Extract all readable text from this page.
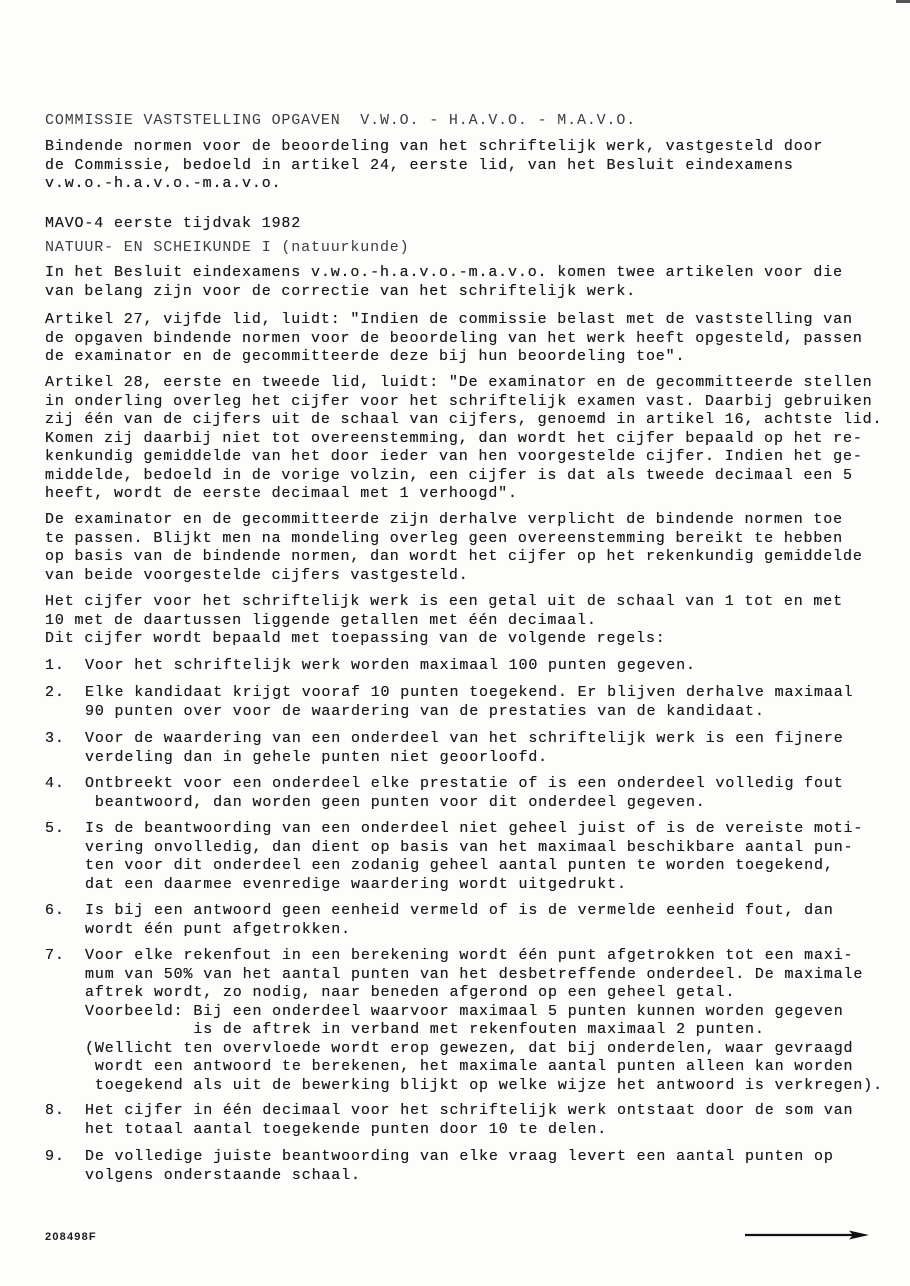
COMMISSIE VASTSTELLING OPGAVEN  V.W.O. - H.A.V.O. - M.A.V.O.
Bindende normen voor de beoordeling van het schriftelijk werk, vastgesteld door
de Commissie, bedoeld in artikel 24, eerste lid, van het Besluit eindexamens
v.w.o.-h.a.v.o.-m.a.v.o.
MAVO-4 eerste tijdvak 1982
NATUUR- EN SCHEIKUNDE I (natuurkunde)
In het Besluit eindexamens v.w.o.-h.a.v.o.-m.a.v.o. komen twee artikelen voor die
van belang zijn voor de correctie van het schriftelijk werk.
Artikel 27, vijfde lid, luidt: "Indien de commissie belast met de vaststelling van
de opgaven bindende normen voor de beoordeling van het werk heeft opgesteld, passen
de examinator en de gecommitteerde deze bij hun beoordeling toe".
Artikel 28, eerste en tweede lid, luidt: "De examinator en de gecommitteerde stellen
in onderling overleg het cijfer voor het schriftelijk examen vast. Daarbij gebruiken
zij één van de cijfers uit de schaal van cijfers, genoemd in artikel 16, achtste lid.
Komen zij daarbij niet tot overeenstemming, dan wordt het cijfer bepaald op het re-
kenkundig gemiddelde van het door ieder van hen voorgestelde cijfer. Indien het ge-
middelde, bedoeld in de vorige volzin, een cijfer is dat als tweede decimaal een 5
heeft, wordt de eerste decimaal met 1 verhoogd".
De examinator en de gecommitteerde zijn derhalve verplicht de bindende normen toe
te passen. Blijkt men na mondeling overleg geen overeenstemming bereikt te hebben
op basis van de bindende normen, dan wordt het cijfer op het rekenkundig gemiddelde
van beide voorgestelde cijfers vastgesteld.
Het cijfer voor het schriftelijk werk is een getal uit de schaal van 1 tot en met
10 met de daartussen liggende getallen met één decimaal.
Dit cijfer wordt bepaald met toepassing van de volgende regels:
1.	Voor het schriftelijk werk worden maximaal 100 punten gegeven.
2.	Elke kandidaat krijgt vooraf 10 punten toegekend. Er blijven derhalve maximaal
90 punten over voor de waardering van de prestaties van de kandidaat.
3.	Voor de waardering van een onderdeel van het schriftelijk werk is een fijnere
verdeling dan in gehele punten niet geoorloofd.
4.	Ontbreekt voor een onderdeel elke prestatie of is een onderdeel volledig fout
beantwoord, dan worden geen punten voor dit onderdeel gegeven.
5.	Is de beantwoording van een onderdeel niet geheel juist of is de vereiste moti-
vering onvolledig, dan dient op basis van het maximaal beschikbare aantal pun-
ten voor dit onderdeel een zodanig geheel aantal punten te worden toegekend,
dat een daarmee evenredige waardering wordt uitgedrukt.
6.	Is bij een antwoord geen eenheid vermeld of is de vermelde eenheid fout, dan
wordt één punt afgetrokken.
7.	Voor elke rekenfout in een berekening wordt één punt afgetrokken tot een maxi-
mum van 50% van het aantal punten van het desbetreffende onderdeel. De maximale
aftrek wordt, zo nodig, naar beneden afgerond op een geheel getal.
Voorbeeld: Bij een onderdeel waarvoor maximaal 5 punten kunnen worden gegeven
is de aftrek in verband met rekenfouten maximaal 2 punten.
(Wellicht ten overvloede wordt erop gewezen, dat bij onderdelen, waar gevraagd
wordt een antwoord te berekenen, het maximale aantal punten alleen kan worden
toegekend als uit de bewerking blijkt op welke wijze het antwoord is verkregen).
8.	Het cijfer in één decimaal voor het schriftelijk werk ontstaat door de som van
het totaal aantal toegekende punten door 10 te delen.
9.	De volledige juiste beantwoording van elke vraag levert een aantal punten op
volgens onderstaande schaal.
208498F
